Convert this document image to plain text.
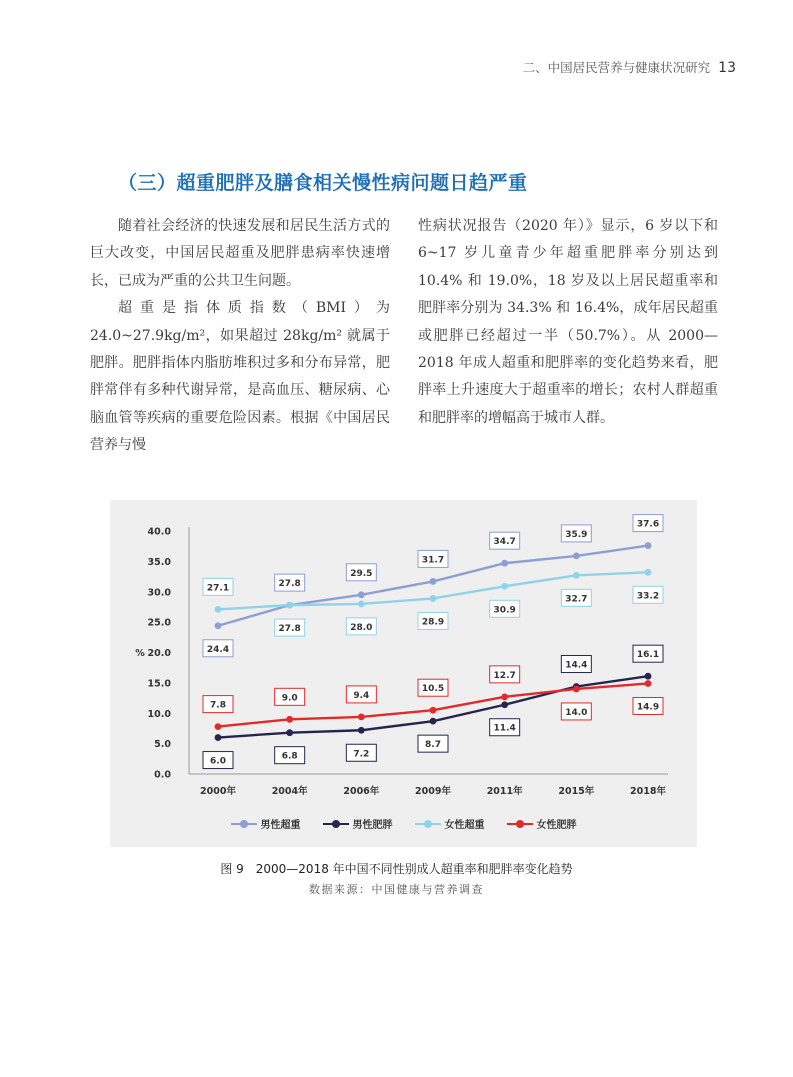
二、中国居民营养与健康状况研究 13
（三）超重肥胖及膳食相关慢性病问题日趋严重

随着社会经济的快速发展和居民生活方式的巨大改变，中国居民超重及肥胖患病率快速增长，已成为严重的公共卫生问题。

超重是指体质指数（BMI）为 24.0~27.9kg/m²，如果超过 28kg/m² 就属于肥胖。肥胖指体内脂肪堆积过多和分布异常，肥胖常伴有多种代谢异常，是高血压、糖尿病、心脑血管等疾病的重要危险因素。根据《中国居民营养与慢

性病状况报告（2020 年）》显示，6 岁以下和 6~17 岁儿童青少年超重肥胖率分别达到 10.4% 和 19.0%，18 岁及以上居民超重率和肥胖率分别为 34.3% 和 16.4%，成年居民超重或肥胖已经超过一半（50.7%）。从 2000—2018 年成人超重和肥胖率的变化趋势来看，肥胖率上升速度大于超重率的增长；农村人群超重和肥胖率的增幅高于城市人群。

0.0
5.0
10.0
15.0
20.0
25.0
30.0
35.0
40.0
%
2000年	2004年	2006年	2009年	2011年	2015年	2018年
24.4
27.8
29.5
31.7
34.7
35.9
37.6
6.0	6.8	7.2
8.7
11.4
14.4
16.1
27.1
27.8	28.0
28.9
30.9
32.7	33.2
7.8
9.0	9.4
10.5
12.7
14.0
14.9
男性超重	男性肥胖	女性超重	女性肥胖
图 9　2000—2018 年中国不同性别成人超重率和肥胖率变化趋势
数据来源：中国健康与营养调查
